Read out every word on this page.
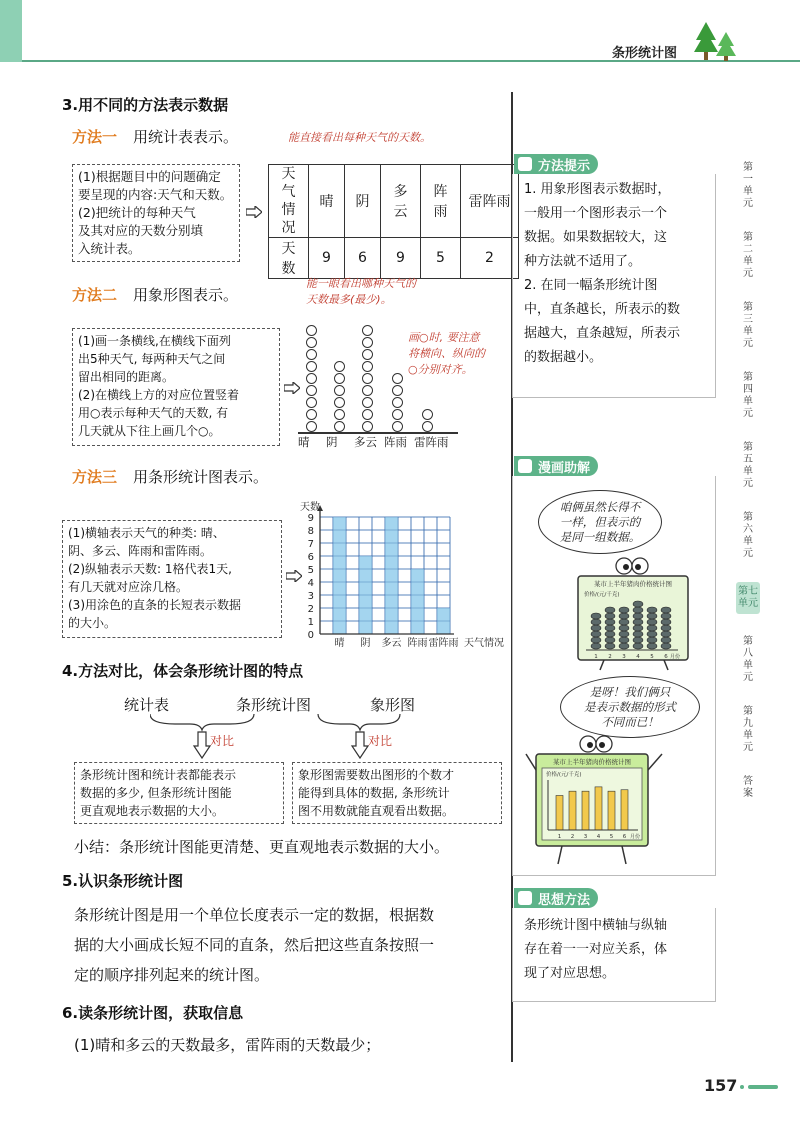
条形统计图
第一单元
第二单元
第三单元
第四单元
第五单元
第六单元
第七单元
第八单元
第九单元
答案
3.用不同的方法表示数据
方法一 用统计表表示。	能直接看出每种天气的天数。
(1)根据题目中的问题确定
要呈现的内容:天气和天数。
(2)把统计的每种天气
及其对应的天数分别填
入统计表。
天气
情况	晴	阴	多云	阵雨	雷阵雨
天数	9	6	9	5	2
方法二 用象形图表示。
能一眼看出哪种天气的
天数最多(最少)。
(1)画一条横线,在横线下面列
出5种天气, 每两种天气之间
留出相同的距离。
(2)在横线上方的对应位置竖着
用○表示每种天气的天数, 有
几天就从下往上画几个○。
晴 阴 多云 阵雨 雷阵雨
画○时, 要注意
将横向、纵向的
○分别对齐。
方法三 用条形统计图表示。
(1)横轴表示天气的种类: 晴、
阴、多云、阵雨和雷阵雨。
(2)纵轴表示天数: 1格代表1天,
有几天就对应涂几格。
(3)用涂色的直条的长短表示数据
的大小。
0
1
2
3
4
5
6
7
8
9
天数
晴 阴 多云 阵雨 雷阵雨 天气情况
4.方法对比，体会条形统计图的特点
统计表	条形统计图	象形图
对比	对比
条形统计图和统计表都能表示
数据的多少, 但条形统计图能
更直观地表示数据的大小。
象形图需要数出图形的个数才
能得到具体的数据, 条形统计
图不用数就能直观看出数据。
小结：条形统计图能更清楚、更直观地表示数据的大小。
5.认识条形统计图
条形统计图是用一个单位长度表示一定的数据，根据数
据的大小画成长短不同的直条，然后把这些直条按照一
定的顺序排列起来的统计图。
6.读条形统计图，获取信息
(1)晴和多云的天数最多，雷阵雨的天数最少；
方法提示
1. 用象形图表示数据时，
一般用一个图形表示一个
数据。如果数据较大，这
种方法就不适用了。
2. 在同一幅条形统计图
中，直条越长，所表示的数
据越大，直条越短，所表示
的数据越小。
漫画助解
咱俩虽然长得不
一样，但表示的
是同一组数据。
某市上半年猪肉价格统计图
价格/(元/千克)
1 2 3 4 5 6 月份
是呀！我们俩只
是表示数据的形式
不同而已！
某市上半年猪肉价格统计图
价格/(元/千克)
1 2 3 4 5 6 月份
思想方法
条形统计图中横轴与纵轴
存在着一一对应关系，体
现了对应思想。
157
